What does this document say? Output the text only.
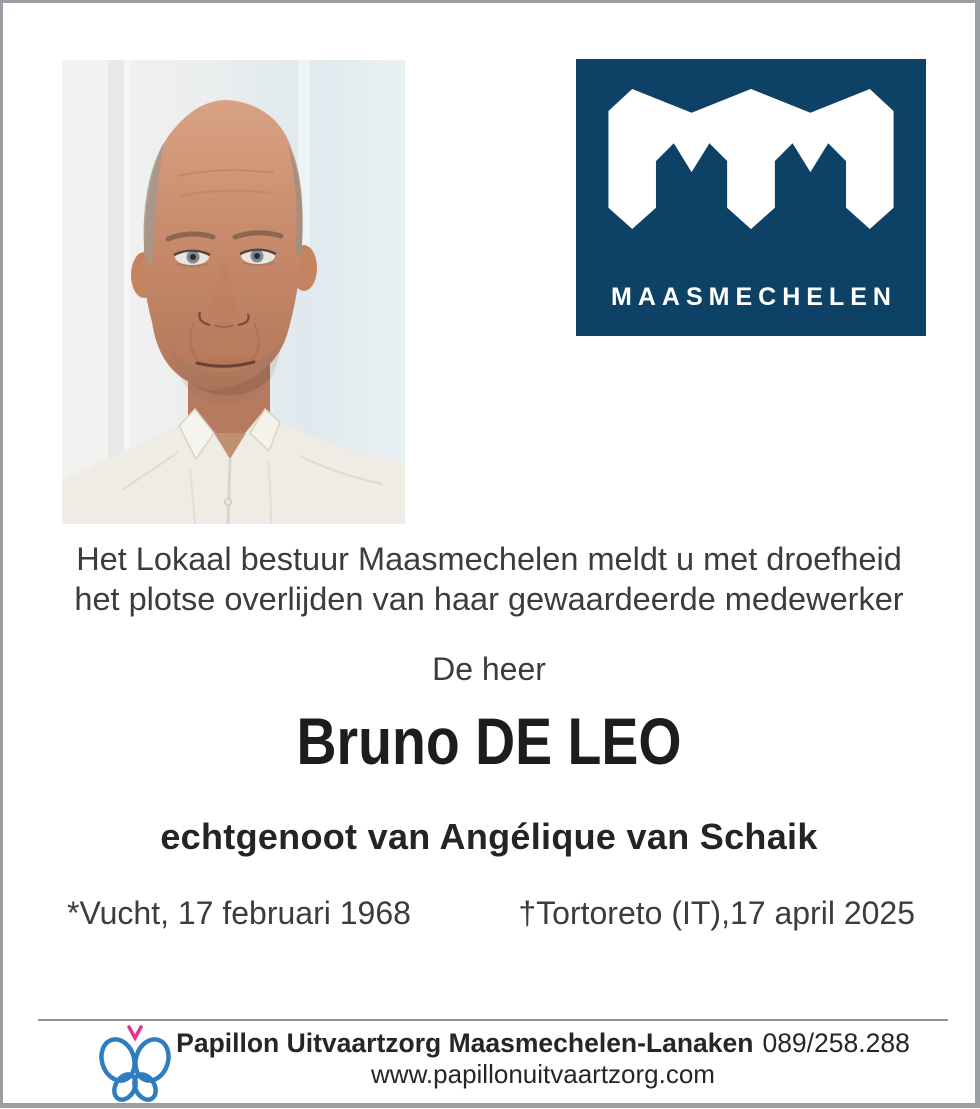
MAASMECHELEN
Het Lokaal bestuur Maasmechelen meldt u met droefheid
het plotse overlijden van haar gewaardeerde medewerker
De heer
Bruno DE LEO
echtgenoot van Angélique van Schaik
*Vucht, 17 februari 1968	†Tortoreto (IT),17 april 2025
Papillon Uitvaartzorg Maasmechelen-Lanaken 089/258.288
www.papillonuitvaartzorg.com
